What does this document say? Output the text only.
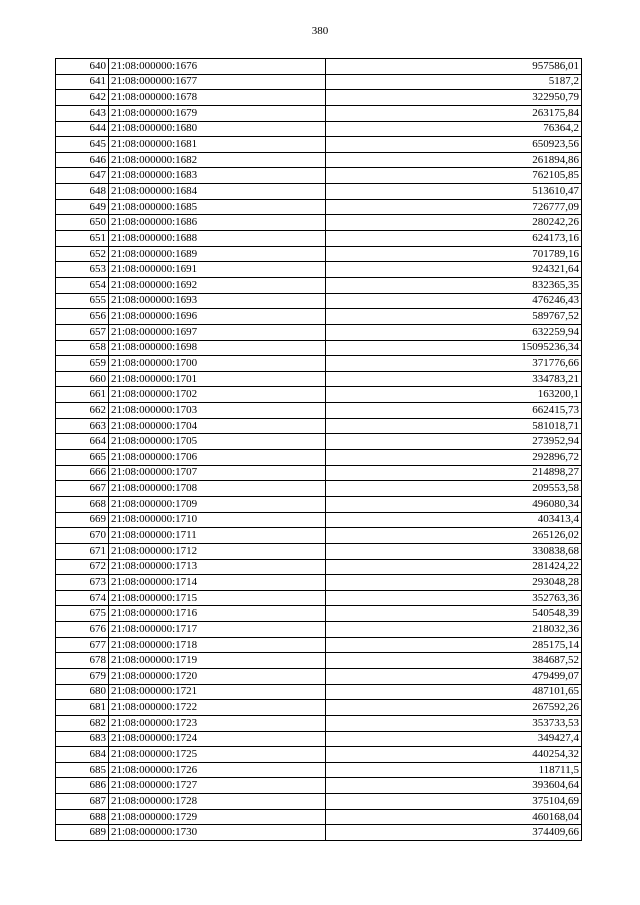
380
640	21:08:000000:1676	957586,01
641	21:08:000000:1677	5187,2
642	21:08:000000:1678	322950,79
643	21:08:000000:1679	263175,84
644	21:08:000000:1680	76364,2
645	21:08:000000:1681	650923,56
646	21:08:000000:1682	261894,86
647	21:08:000000:1683	762105,85
648	21:08:000000:1684	513610,47
649	21:08:000000:1685	726777,09
650	21:08:000000:1686	280242,26
651	21:08:000000:1688	624173,16
652	21:08:000000:1689	701789,16
653	21:08:000000:1691	924321,64
654	21:08:000000:1692	832365,35
655	21:08:000000:1693	476246,43
656	21:08:000000:1696	589767,52
657	21:08:000000:1697	632259,94
658	21:08:000000:1698	15095236,34
659	21:08:000000:1700	371776,66
660	21:08:000000:1701	334783,21
661	21:08:000000:1702	163200,1
662	21:08:000000:1703	662415,73
663	21:08:000000:1704	581018,71
664	21:08:000000:1705	273952,94
665	21:08:000000:1706	292896,72
666	21:08:000000:1707	214898,27
667	21:08:000000:1708	209553,58
668	21:08:000000:1709	496080,34
669	21:08:000000:1710	403413,4
670	21:08:000000:1711	265126,02
671	21:08:000000:1712	330838,68
672	21:08:000000:1713	281424,22
673	21:08:000000:1714	293048,28
674	21:08:000000:1715	352763,36
675	21:08:000000:1716	540548,39
676	21:08:000000:1717	218032,36
677	21:08:000000:1718	285175,14
678	21:08:000000:1719	384687,52
679	21:08:000000:1720	479499,07
680	21:08:000000:1721	487101,65
681	21:08:000000:1722	267592,26
682	21:08:000000:1723	353733,53
683	21:08:000000:1724	349427,4
684	21:08:000000:1725	440254,32
685	21:08:000000:1726	118711,5
686	21:08:000000:1727	393604,64
687	21:08:000000:1728	375104,69
688	21:08:000000:1729	460168,04
689	21:08:000000:1730	374409,66
